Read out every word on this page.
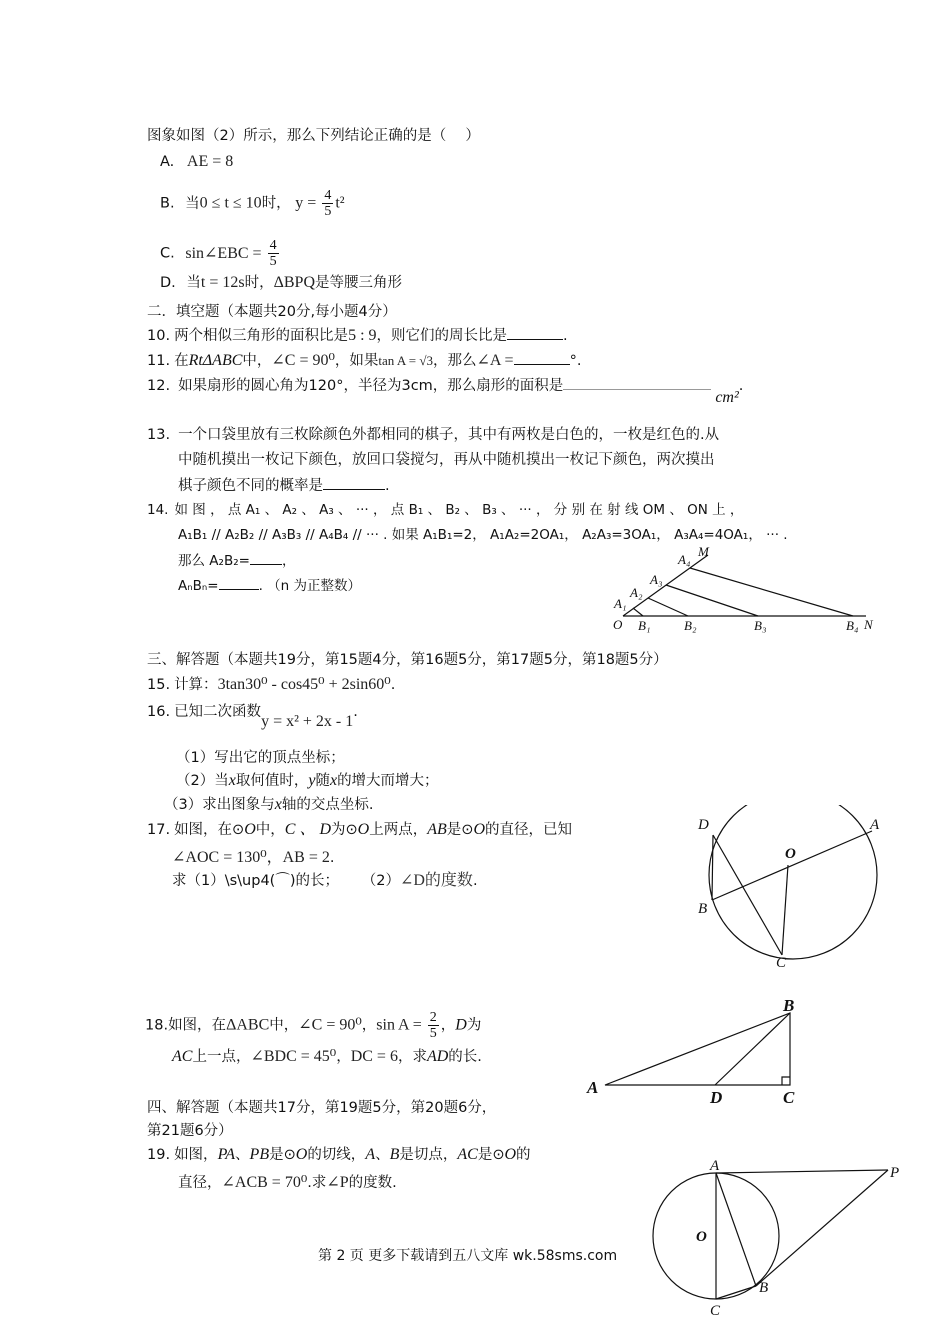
图象如图（2）所示，那么下列结论正确的是（　 ）
A. AE = 8
B. 当0 ≤ t ≤ 10时， $y = \frac{4}{5} t^2$
C. sin∠EBC = $\frac{4}{5}$
D. 当t = 12s时，ΔBPQ是等腰三角形
二．填空题（本题共20分,每小题4分）
10. 两个相似三角形的面积比是5 : 9，则它们的周长比是	.
11. 在RtΔABC中，∠C = 90⁰，如果tan A = √3，那么∠A =	°.
12. 如果扇形的圆心角为120°，半径为3cm，那么扇形的面积是cm².
13. 一个口袋里放有三枚除颜色外都相同的棋子，其中有两枚是白色的，一枚是红色的.从
中随机摸出一枚记下颜色，放回口袋搅匀，再从中随机摸出一枚记下颜色，两次摸出
棋子颜色不同的概率是	.
14. 如 图 ， 点 A₁ 、 A₂ 、 A₃ 、 ··· ， 点 B₁ 、 B₂ 、 B₃ 、 ··· ， 分 别 在 射 线 OM 、 ON 上 ，
A₁B₁ // A₂B₂ // A₃B₃ // A₄B₄ // ··· . 如果 A₁B₁=2， A₁A₂=2OA₁， A₂A₃=3OA₁， A₃A₄=4OA₁， ··· .
那么 A₂B₂= ，
AₙBₙ=	. （n 为正整数）
M
N
O
A₁
A₂
A₃
A₄
B₁	B₂	B₃	B₄
三、解答题（本题共19分，第15题4分，第16题5分，第17题5分，第18题5分）
15. 计算：3tan30⁰ - cos45⁰ + 2sin60⁰.
16. 已知二次函数y = x² + 2x - 1.
（1）写出它的顶点坐标；
（2）当x取何值时，y随x的增大而增大；
（3）求出图象与x轴的交点坐标.
17. 如图，在⊙O中，C 、 D为⊙O上两点，AB是⊙O的直径，已知
∠AOC = 130⁰，AB = 2.
求（1）\s\up4(⌒)的长； （2）∠D的度数.
D	A
O
B
C
18.如图，在ΔABC中，∠C = 90⁰，$\sin A = \frac{2}{5}$ ，D为
AC上一点，∠BDC = 45⁰，DC = 6，求AD的长.
A
B
C
D
四、解答题（本题共17分，第19题5分，第20题6分，
第21题6分）
19. 如图，PA、PB是⊙O的切线，A、B是切点，AC是⊙O的
直径，∠ACB = 70⁰.求∠P的度数.
A	P
O
B
C
第 2 页 更多下载请到五八文库 wk.58sms.com
